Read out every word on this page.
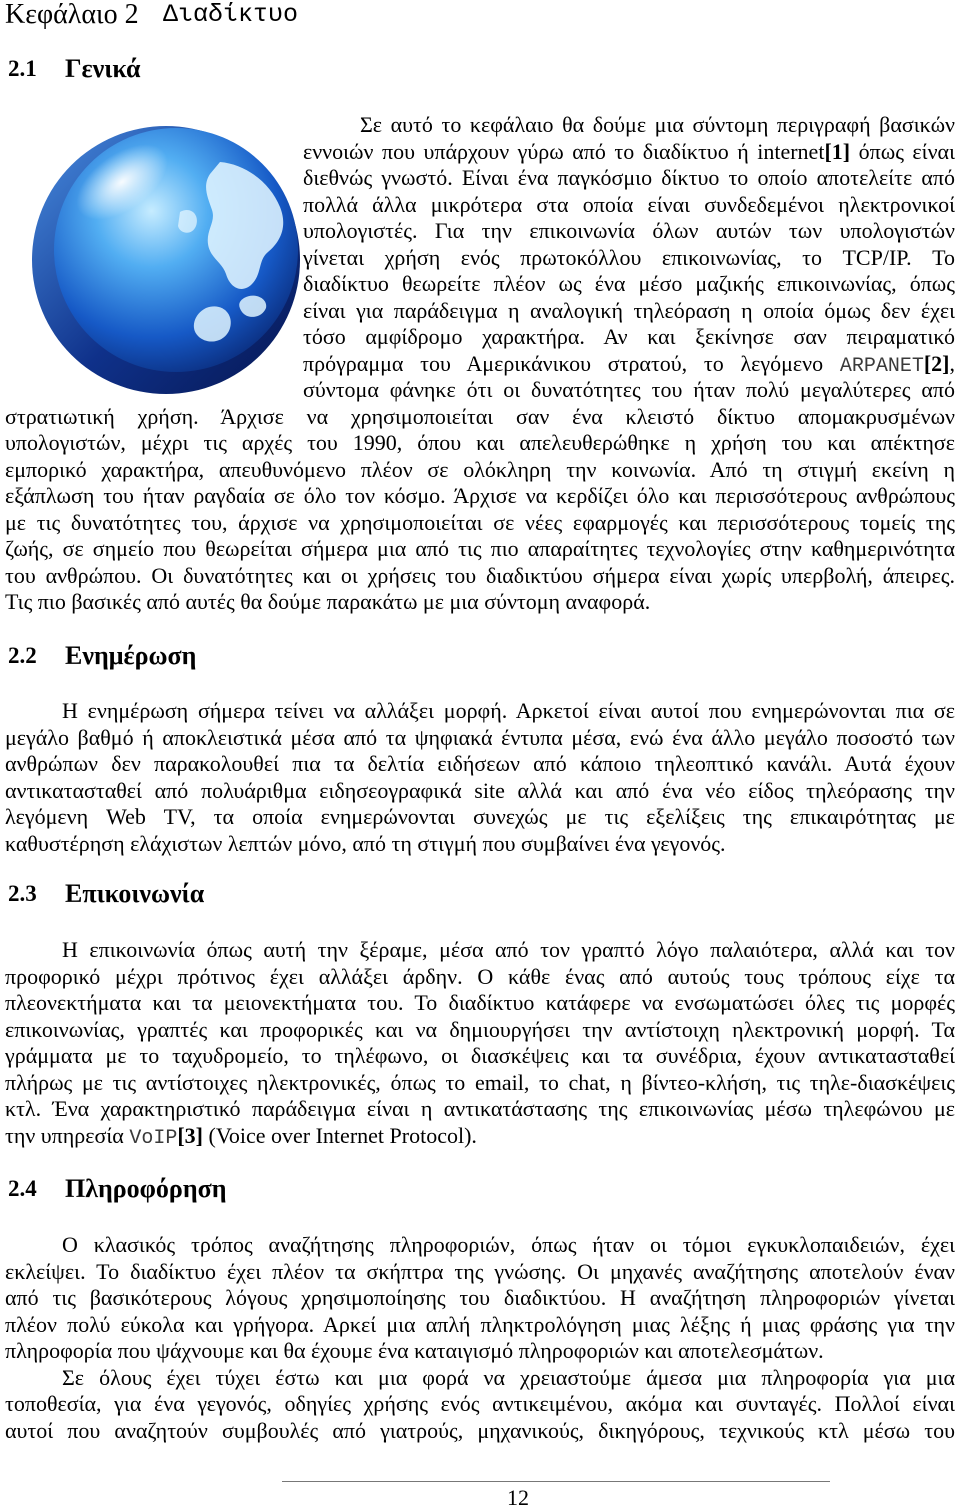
Κεφάλαιο 2 Διαδίκτυο
2.1 Γενικά
Σε αυτό το κεφάλαιο θα δούμε μια σύντομη περιγραφή βασικών
εννοιών που υπάρχουν γύρω από το διαδίκτυο ή internet[1] όπως είναι
διεθνώς γνωστό. Είναι ένα παγκόσμιο δίκτυο το οποίο αποτελείτε από
πολλά άλλα μικρότερα στα οποία είναι συνδεδεμένοι ηλεκτρονικοί
υπολογιστές. Για την επικοινωνία όλων αυτών των υπολογιστών
γίνεται χρήση ενός πρωτοκόλλου επικοινωνίας, το TCP/IP. Το
διαδίκτυο θεωρείτε πλέον ως ένα μέσο μαζικής επικοινωνίας, όπως
είναι για παράδειγμα η αναλογική τηλεόραση η οποία όμως δεν έχει
τόσο αμφίδρομο χαρακτήρα. Αν και ξεκίνησε σαν πειραματικό
πρόγραμμα του Αμερικάνικου στρατού, το λεγόμενο ARPANET[2],
σύντομα φάνηκε ότι οι δυνατότητες του ήταν πολύ μεγαλύτερες από
στρατιωτική χρήση. Άρχισε να χρησιμοποιείται σαν ένα κλειστό δίκτυο απομακρυσμένων
υπολογιστών, μέχρι τις αρχές του 1990, όπου και απελευθερώθηκε η χρήση του και απέκτησε
εμπορικό χαρακτήρα, απευθυνόμενο πλέον σε ολόκληρη την κοινωνία. Από τη στιγμή εκείνη η
εξάπλωση του ήταν ραγδαία σε όλο τον κόσμο. Άρχισε να κερδίζει όλο και περισσότερους ανθρώπους
με τις δυνατότητες του, άρχισε να χρησιμοποιείται σε νέες εφαρμογές και περισσότερους τομείς της
ζωής, σε σημείο που θεωρείται σήμερα μια από τις πιο απαραίτητες τεχνολογίες στην καθημερινότητα
του ανθρώπου. Οι δυνατότητες και οι χρήσεις του διαδικτύου σήμερα είναι χωρίς υπερβολή, άπειρες.
Τις πιο βασικές από αυτές θα δούμε παρακάτω με μια σύντομη αναφορά.
2.2 Ενημέρωση
Η ενημέρωση σήμερα τείνει να αλλάξει μορφή. Αρκετοί είναι αυτοί που ενημερώνονται πια σε
μεγάλο βαθμό ή αποκλειστικά μέσα από τα ψηφιακά έντυπα μέσα, ενώ ένα άλλο μεγάλο ποσοστό των
ανθρώπων δεν παρακολουθεί πια τα δελτία ειδήσεων από κάποιο τηλεοπτικό κανάλι. Αυτά έχουν
αντικατασταθεί από πολυάριθμα ειδησεογραφικά site αλλά και από ένα νέο είδος τηλεόρασης την
λεγόμενη Web TV, τα οποία ενημερώνονται συνεχώς με τις εξελίξεις της επικαιρότητας με
καθυστέρηση ελάχιστων λεπτών μόνο, από τη στιγμή που συμβαίνει ένα γεγονός.
2.3 Επικοινωνία
Η επικοινωνία όπως αυτή την ξέραμε, μέσα από τον γραπτό λόγο παλαιότερα, αλλά και τον
προφορικό μέχρι πρότινος έχει αλλάξει άρδην. Ο κάθε ένας από αυτούς τους τρόπους είχε τα
πλεονεκτήματα και τα μειονεκτήματα του. Το διαδίκτυο κατάφερε να ενσωματώσει όλες τις μορφές
επικοινωνίας, γραπτές και προφορικές και να δημιουργήσει την αντίστοιχη ηλεκτρονική μορφή. Τα
γράμματα με το ταχυδρομείο, το τηλέφωνο, οι διασκέψεις και τα συνέδρια, έχουν αντικατασταθεί
πλήρως με τις αντίστοιχες ηλεκτρονικές, όπως το email, το chat, η βίντεο-κλήση, τις τηλε-διασκέψεις
κτλ. Ένα χαρακτηριστικό παράδειγμα είναι η αντικατάστασης της επικοινωνίας μέσω τηλεφώνου με
την υπηρεσία VoIP[3] (Voice over Internet Protocol).
2.4 Πληροφόρηση
Ο κλασικός τρόπος αναζήτησης πληροφοριών, όπως ήταν οι τόμοι εγκυκλοπαιδειών, έχει
εκλείψει. Το διαδίκτυο έχει πλέον τα σκήπτρα της γνώσης. Οι μηχανές αναζήτησης αποτελούν έναν
από τις βασικότερους λόγους χρησιμοποίησης του διαδικτύου. Η αναζήτηση πληροφοριών γίνεται
πλέον πολύ εύκολα και γρήγορα. Αρκεί μια απλή πληκτρολόγηση μιας λέξης ή μιας φράσης για την
πληροφορία που ψάχνουμε και θα έχουμε ένα καταιγισμό πληροφοριών και αποτελεσμάτων.
Σε όλους έχει τύχει έστω και μια φορά να χρειαστούμε άμεσα μια πληροφορία για μια
τοποθεσία, για ένα γεγονός, οδηγίες χρήσης ενός αντικειμένου, ακόμα και συνταγές. Πολλοί είναι
αυτοί που αναζητούν συμβουλές από γιατρούς, μηχανικούς, δικηγόρους, τεχνικούς κτλ μέσω του
12
